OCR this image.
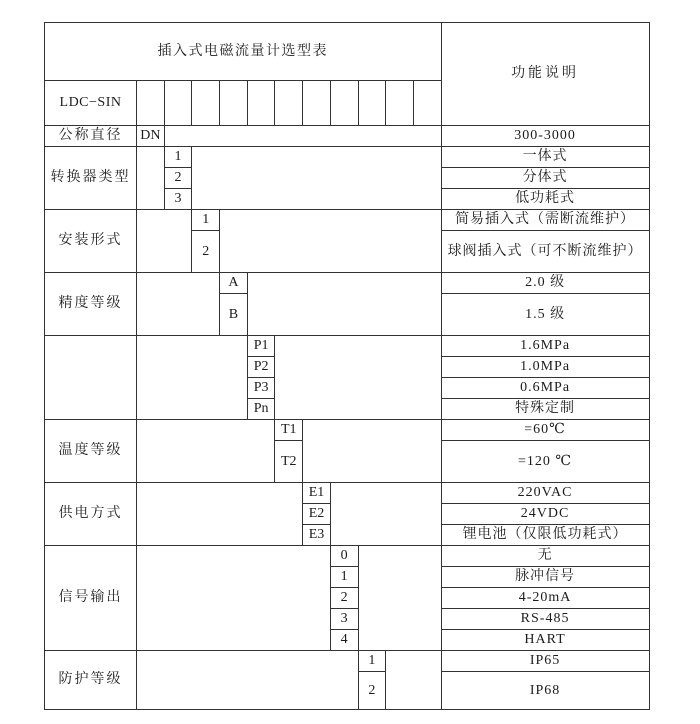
插入式电磁流量计选型表												功能说明
LDC−SIN												
公称直径	DN											300-3000
转换器类型		1										一体式
		2										分体式
		3										低功耗式
安装形式			1									简易插入式（需断流维护）
			2									球阀插入式（可不断流维护）
精度等级				A								2.0 级
				B								1.5 级
					P1							1.6MPa
					P2							1.0MPa
					P3							0.6MPa
					Pn							特殊定制
温度等级						T1						=60℃
						T2						=120 ℃
供电方式							E1					220VAC
							E2					24VDC
							E3					锂电池（仅限低功耗式）
信号输出								0				无
								1				脉冲信号
								2				4-20mA
								3				RS-485
								4				HART
防护等级									1			IP65
									2			IP68
